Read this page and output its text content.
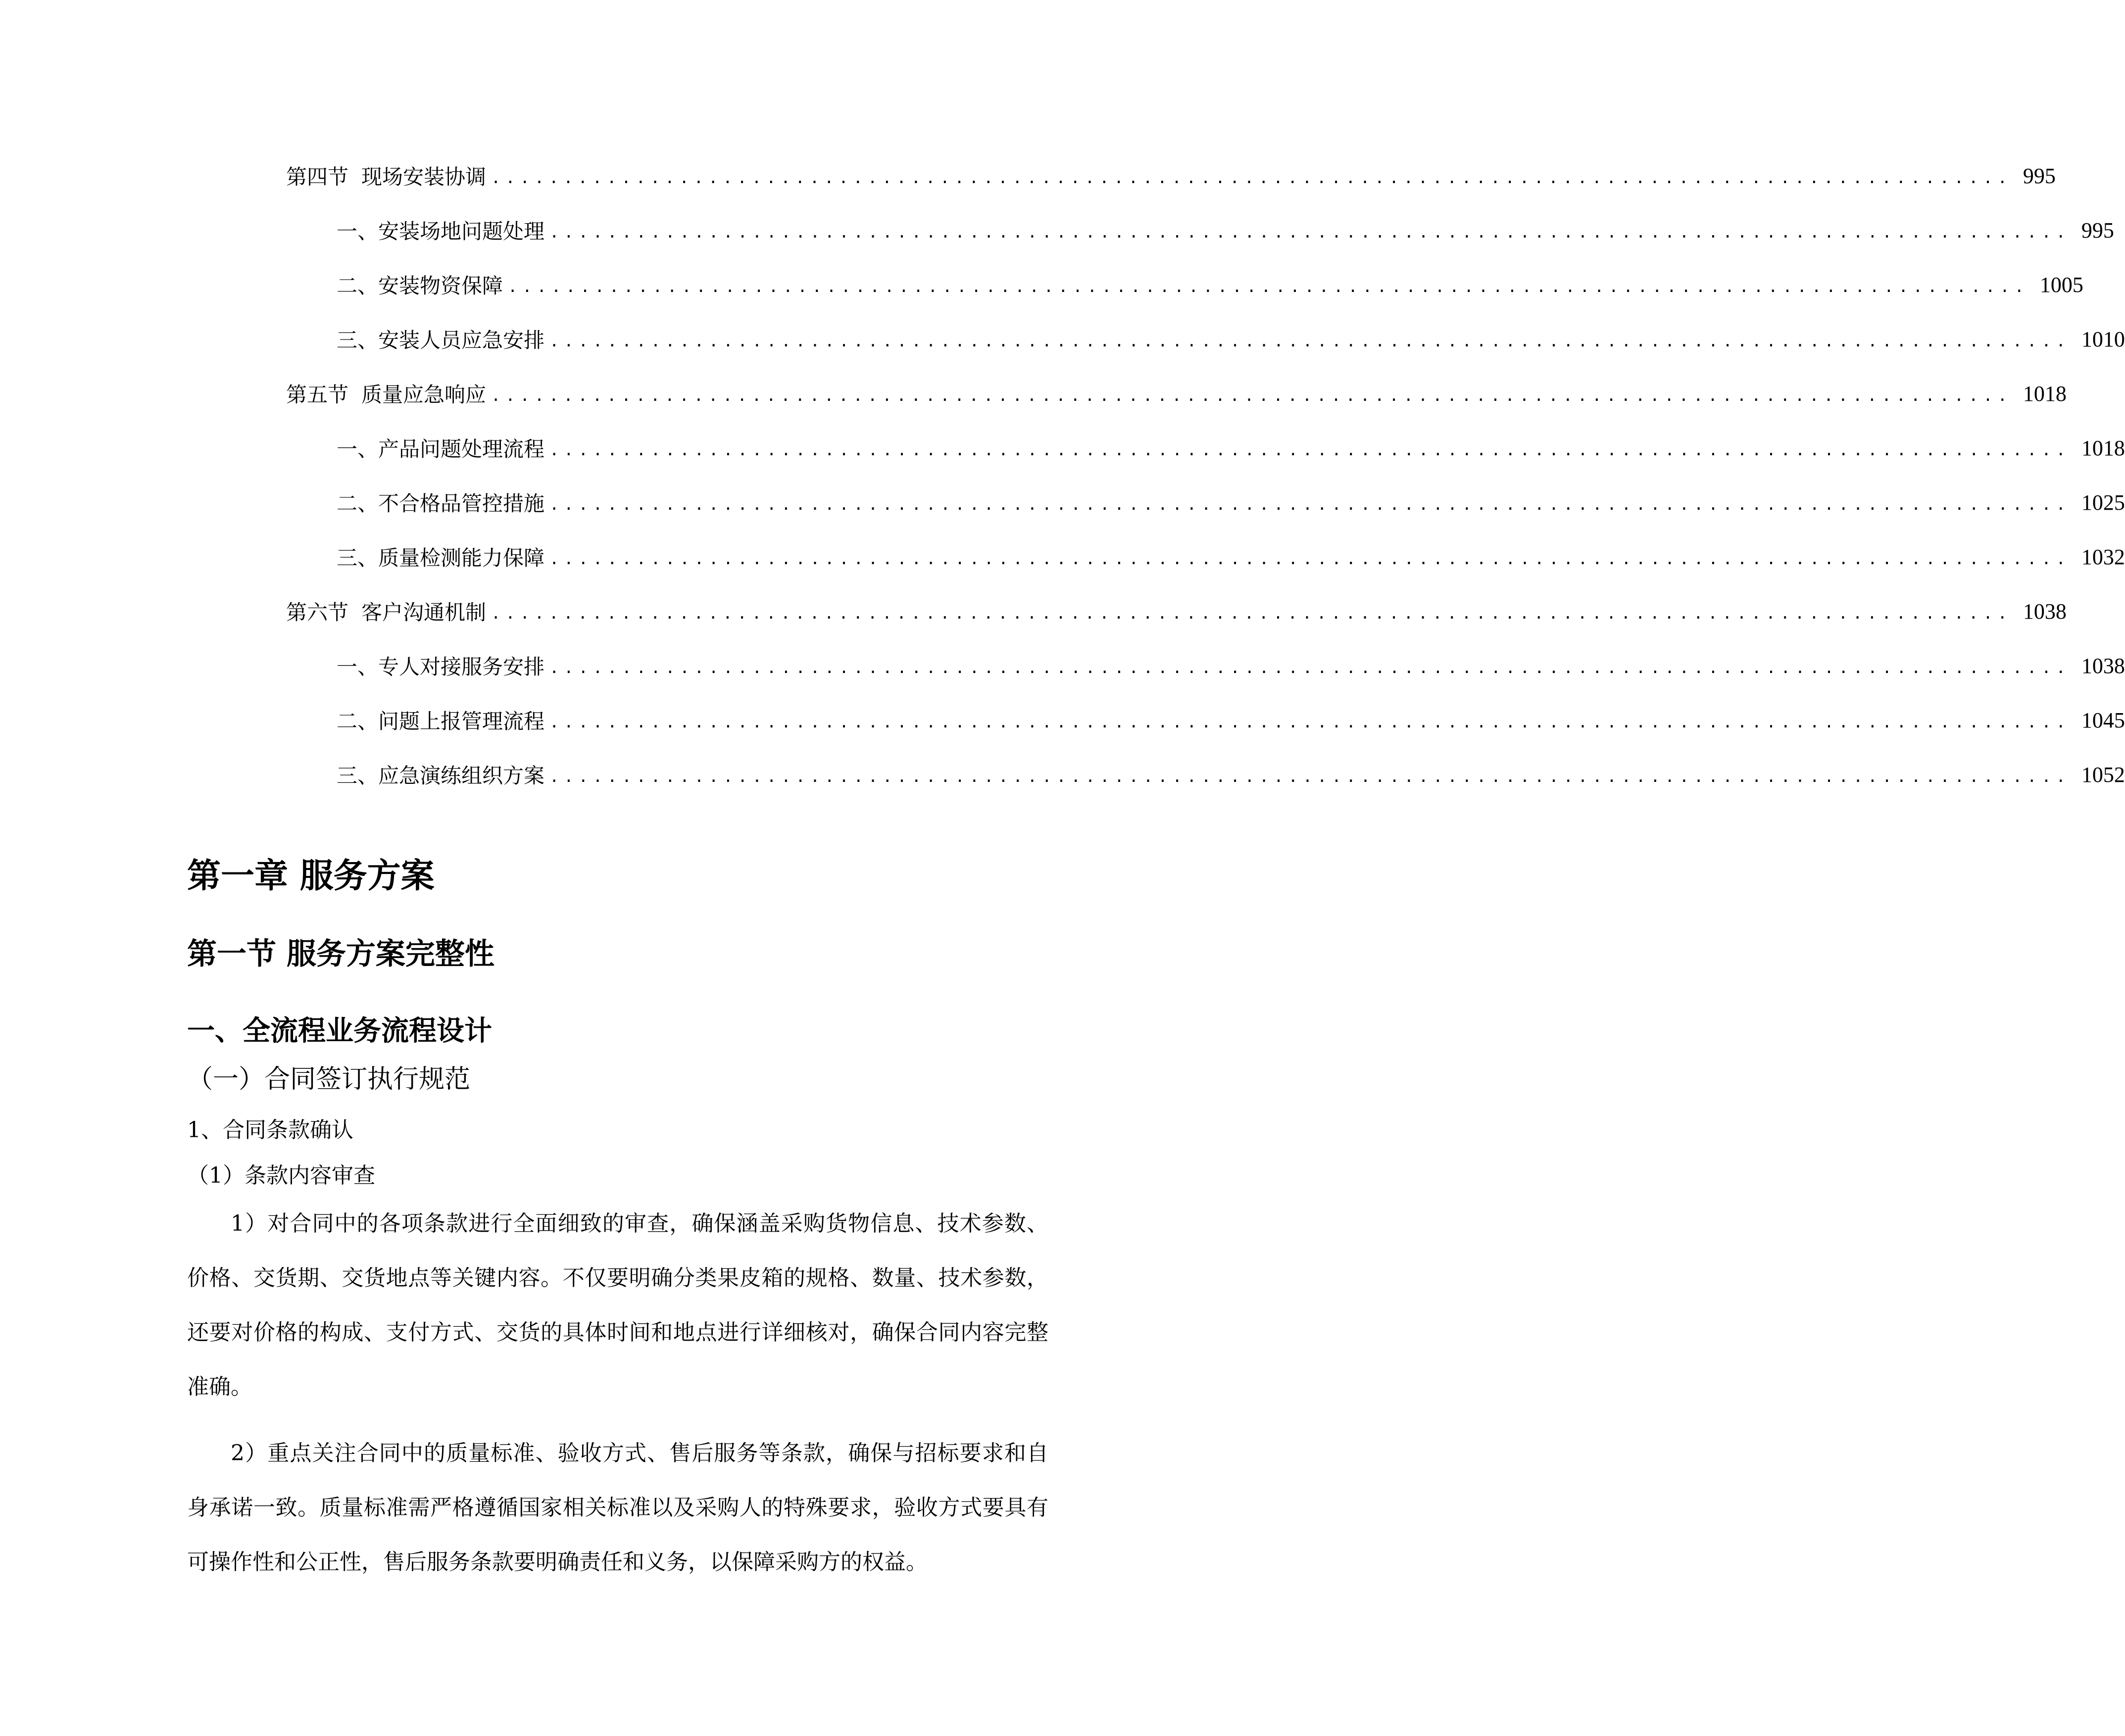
第四节 现场安装协调 ......................................................................................................... 995
一、 安装场地问题处理 ......................................................................................................... 995
二、 安装物资保障 ......................................................................................................... 1005
三、 安装人员应急安排 ......................................................................................................... 1010
第五节 质量应急响应 ......................................................................................................... 1018
一、 产品问题处理流程 ......................................................................................................... 1018
二、 不合格品管控措施 ......................................................................................................... 1025
三、 质量检测能力保障 ......................................................................................................... 1032
第六节 客户沟通机制 ......................................................................................................... 1038
一、 专人对接服务安排 ......................................................................................................... 1038
二、 问题上报管理流程 ......................................................................................................... 1045
三、 应急演练组织方案 ......................................................................................................... 1052
第一章 服务方案
第一节 服务方案完整性
一、全流程业务流程设计
（一）合同签订执行规范
1、合同条款确认
（1）条款内容审查

1）对合同中的各项条款进行全面细致的审查，确保涵盖采购货物信息、技术参数、价格、交货期、交货地点等关键内容。不仅要明确分类果皮箱的规格、数量、技术参数，还要对价格的构成、支付方式、交货的具体时间和地点进行详细核对，确保合同内容完整准确。

2）重点关注合同中的质量标准、验收方式、售后服务等条款，确保与招标要求和自身承诺一致。质量标准需严格遵循国家相关标准以及采购人的特殊要求，验收方式要具有可操作性和公正性，售后服务条款要明确责任和义务，以保障采购方的权益。
